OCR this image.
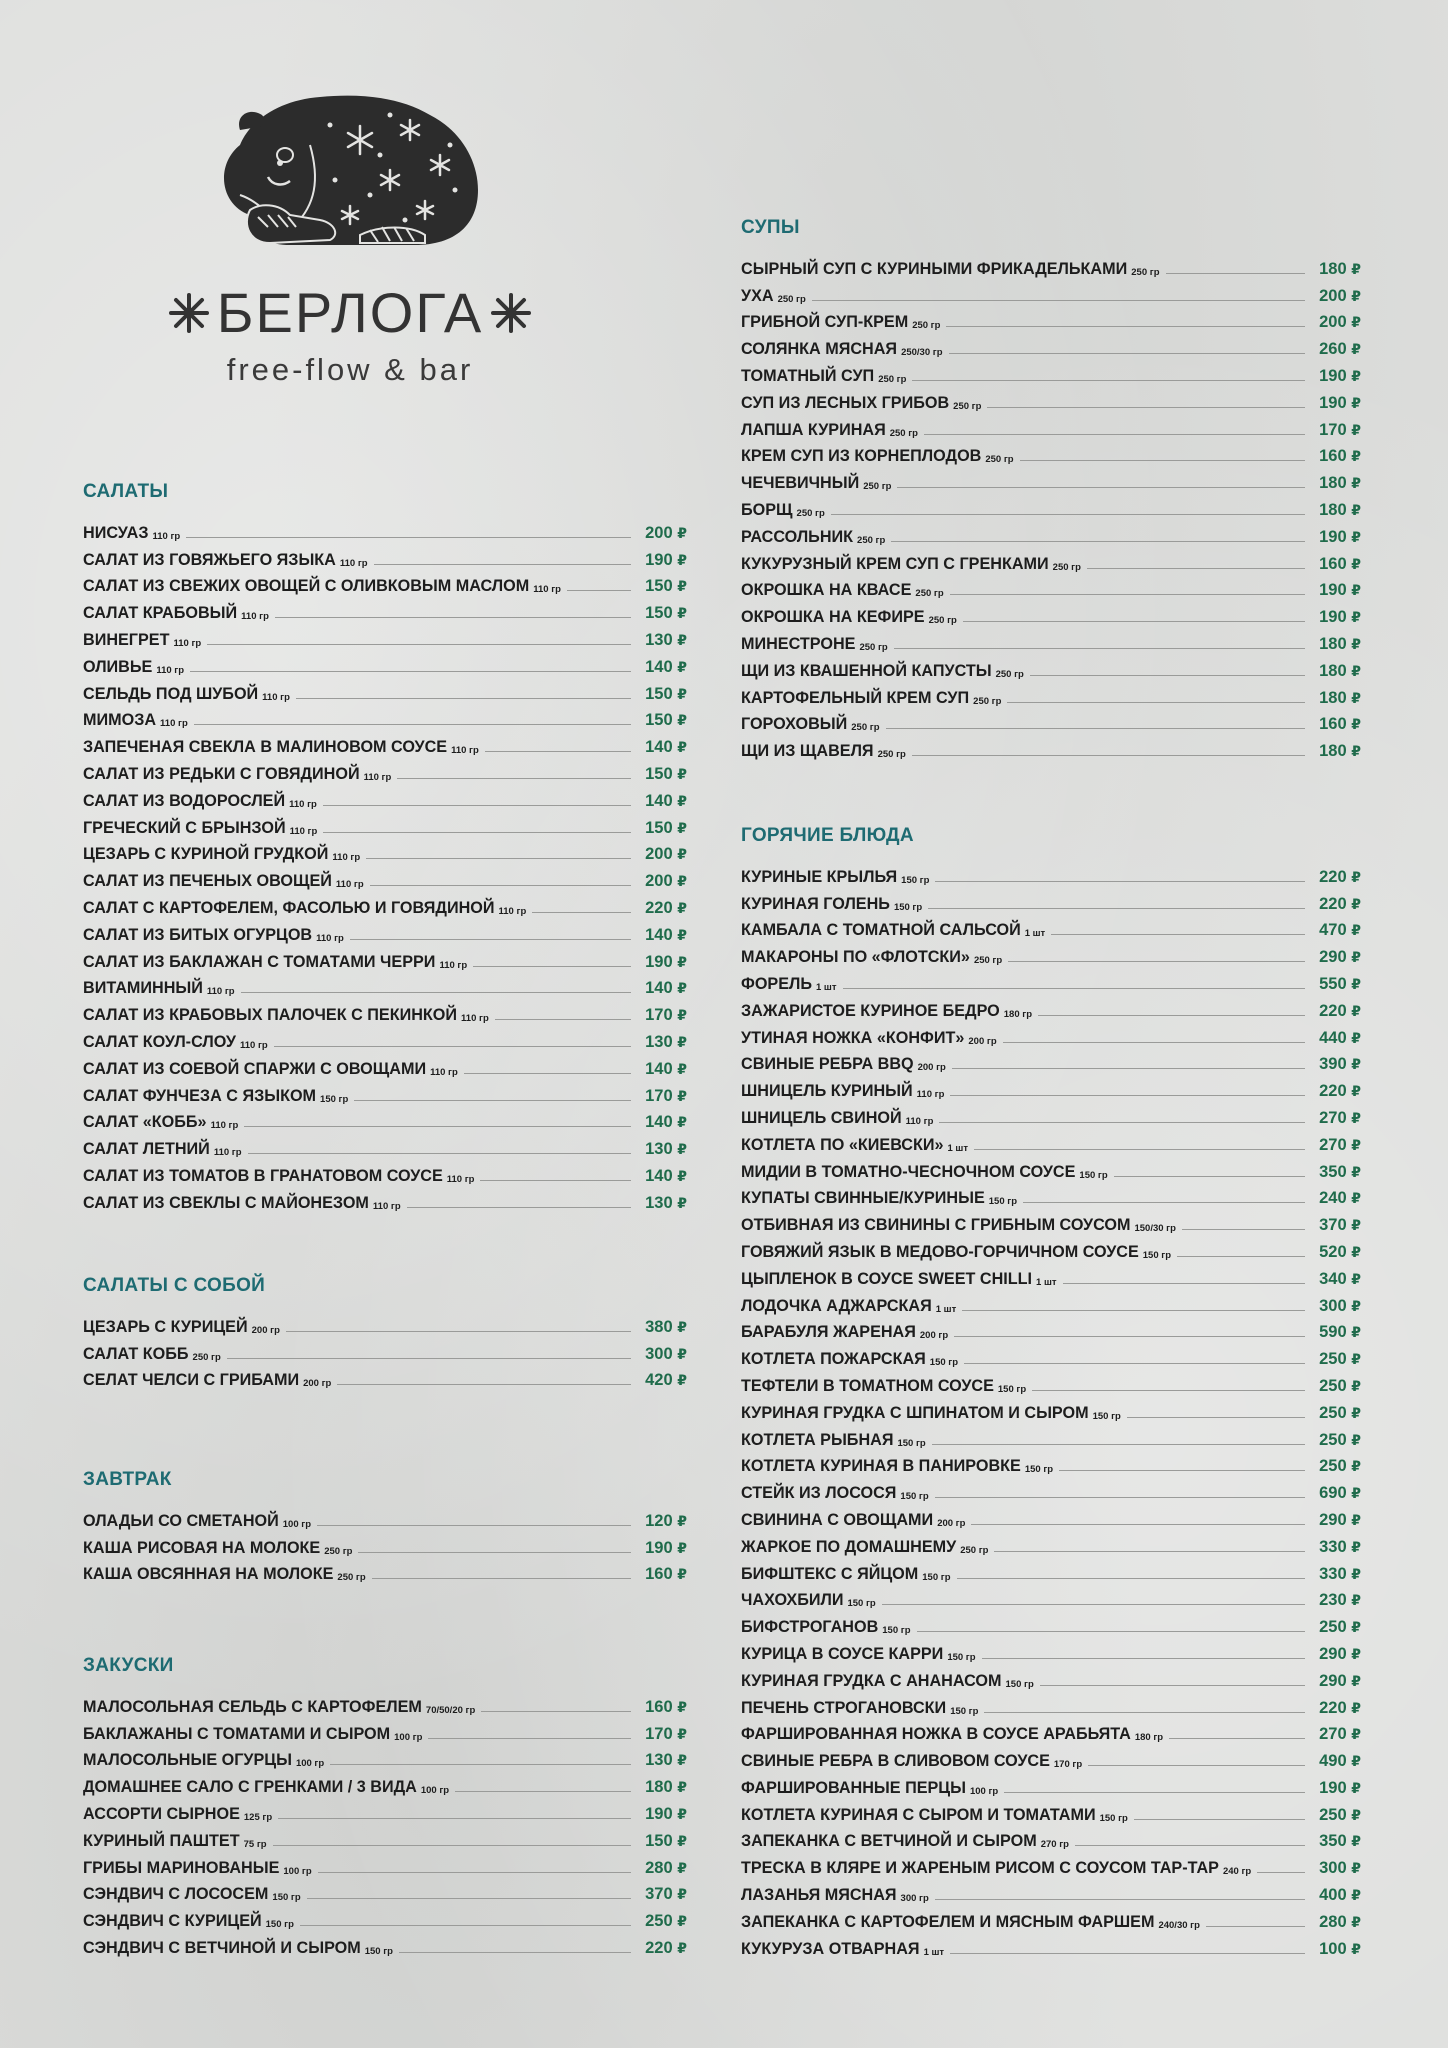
БЕРЛОГА
free-flow & bar
САЛАТЫ
НИСУАЗ 110 гр	200 ₽
САЛАТ ИЗ ГОВЯЖЬЕГО ЯЗЫКА 110 гр	190 ₽
САЛАТ ИЗ СВЕЖИХ ОВОЩЕЙ С ОЛИВКОВЫМ МАСЛОМ 110 гр	150 ₽
САЛАТ КРАБОВЫЙ 110 гр	150 ₽
ВИНЕГРЕТ 110 гр	130 ₽
ОЛИВЬЕ 110 гр	140 ₽
СЕЛЬДЬ ПОД ШУБОЙ 110 гр	150 ₽
МИМОЗА 110 гр	150 ₽
ЗАПЕЧЕНАЯ СВЕКЛА В МАЛИНОВОМ СОУСЕ 110 гр	140 ₽
САЛАТ ИЗ РЕДЬКИ С ГОВЯДИНОЙ 110 гр	150 ₽
САЛАТ ИЗ ВОДОРОСЛЕЙ 110 гр	140 ₽
ГРЕЧЕСКИЙ С БРЫНЗОЙ 110 гр	150 ₽
ЦЕЗАРЬ С КУРИНОЙ ГРУДКОЙ 110 гр	200 ₽
САЛАТ ИЗ ПЕЧЕНЫХ ОВОЩЕЙ 110 гр	200 ₽
САЛАТ С КАРТОФЕЛЕМ, ФАСОЛЬЮ И ГОВЯДИНОЙ 110 гр	220 ₽
САЛАТ ИЗ БИТЫХ ОГУРЦОВ 110 гр	140 ₽
САЛАТ ИЗ БАКЛАЖАН С ТОМАТАМИ ЧЕРРИ 110 гр	190 ₽
ВИТАМИННЫЙ 110 гр	140 ₽
САЛАТ ИЗ КРАБОВЫХ ПАЛОЧЕК С ПЕКИНКОЙ 110 гр	170 ₽
САЛАТ КОУЛ-СЛОУ 110 гр	130 ₽
САЛАТ ИЗ СОЕВОЙ СПАРЖИ С ОВОЩАМИ 110 гр	140 ₽
САЛАТ ФУНЧЕЗА С ЯЗЫКОМ 150 гр	170 ₽
САЛАТ «КОББ» 110 гр	140 ₽
САЛАТ ЛЕТНИЙ 110 гр	130 ₽
САЛАТ ИЗ ТОМАТОВ В ГРАНАТОВОМ СОУСЕ 110 гр	140 ₽
САЛАТ ИЗ СВЕКЛЫ С МАЙОНЕЗОМ 110 гр	130 ₽
САЛАТЫ С СОБОЙ
ЦЕЗАРЬ С КУРИЦЕЙ 200 гр	380 ₽
САЛАТ КОББ 250 гр	300 ₽
СЕЛАТ ЧЕЛСИ С ГРИБАМИ 200 гр	420 ₽
ЗАВТРАК
ОЛАДЬИ СО СМЕТАНОЙ 100 гр	120 ₽
КАША РИСОВАЯ НА МОЛОКЕ 250 гр	190 ₽
КАША ОВСЯННАЯ НА МОЛОКЕ 250 гр	160 ₽
ЗАКУСКИ
МАЛОСОЛЬНАЯ СЕЛЬДЬ С КАРТОФЕЛЕМ 70/50/20 гр	160 ₽
БАКЛАЖАНЫ С ТОМАТАМИ И СЫРОМ 100 гр	170 ₽
МАЛОСОЛЬНЫЕ ОГУРЦЫ 100 гр	130 ₽
ДОМАШНЕЕ САЛО С ГРЕНКАМИ / 3 ВИДА 100 гр	180 ₽
АССОРТИ СЫРНОЕ 125 гр	190 ₽
КУРИНЫЙ ПАШТЕТ 75 гр	150 ₽
ГРИБЫ МАРИНОВАНЫЕ 100 гр	280 ₽
СЭНДВИЧ С ЛОСОСЕМ 150 гр	370 ₽
СЭНДВИЧ С КУРИЦЕЙ 150 гр	250 ₽
СЭНДВИЧ С ВЕТЧИНОЙ И СЫРОМ 150 гр	220 ₽
СУПЫ
СЫРНЫЙ СУП С КУРИНЫМИ ФРИКАДЕЛЬКАМИ 250 гр	180 ₽
УХА 250 гр	200 ₽
ГРИБНОЙ СУП-КРЕМ 250 гр	200 ₽
СОЛЯНКА МЯСНАЯ 250/30 гр	260 ₽
ТОМАТНЫЙ СУП 250 гр	190 ₽
СУП ИЗ ЛЕСНЫХ ГРИБОВ 250 гр	190 ₽
ЛАПША КУРИНАЯ 250 гр	170 ₽
КРЕМ СУП ИЗ КОРНЕПЛОДОВ 250 гр	160 ₽
ЧЕЧЕВИЧНЫЙ 250 гр	180 ₽
БОРЩ 250 гр	180 ₽
РАССОЛЬНИК 250 гр	190 ₽
КУКУРУЗНЫЙ КРЕМ СУП С ГРЕНКАМИ 250 гр	160 ₽
ОКРОШКА НА КВАСЕ 250 гр	190 ₽
ОКРОШКА НА КЕФИРЕ 250 гр	190 ₽
МИНЕСТРОНЕ 250 гр	180 ₽
ЩИ ИЗ КВАШЕННОЙ КАПУСТЫ 250 гр	180 ₽
КАРТОФЕЛЬНЫЙ КРЕМ СУП 250 гр	180 ₽
ГОРОХОВЫЙ 250 гр	160 ₽
ЩИ ИЗ ЩАВЕЛЯ 250 гр	180 ₽
ГОРЯЧИЕ БЛЮДА
КУРИНЫЕ КРЫЛЬЯ 150 гр	220 ₽
КУРИНАЯ ГОЛЕНЬ 150 гр	220 ₽
КАМБАЛА С ТОМАТНОЙ САЛЬСОЙ 1 шт	470 ₽
МАКАРОНЫ ПО «ФЛОТСКИ» 250 гр	290 ₽
ФОРЕЛЬ 1 шт	550 ₽
ЗАЖАРИСТОЕ КУРИНОЕ БЕДРО 180 гр	220 ₽
УТИНАЯ НОЖКА «КОНФИТ» 200 гр	440 ₽
СВИНЫЕ РЕБРА BBQ 200 гр	390 ₽
ШНИЦЕЛЬ КУРИНЫЙ 110 гр	220 ₽
ШНИЦЕЛЬ СВИНОЙ 110 гр	270 ₽
КОТЛЕТА ПО «КИЕВСКИ» 1 шт	270 ₽
МИДИИ В ТОМАТНО-ЧЕСНОЧНОМ СОУСЕ 150 гр	350 ₽
КУПАТЫ СВИННЫЕ/КУРИНЫЕ 150 гр	240 ₽
ОТБИВНАЯ ИЗ СВИНИНЫ С ГРИБНЫМ СОУСОМ 150/30 гр	370 ₽
ГОВЯЖИЙ ЯЗЫК В МЕДОВО-ГОРЧИЧНОМ СОУСЕ 150 гр	520 ₽
ЦЫПЛЕНОК В СОУСЕ SWEET CHILLI 1 шт	340 ₽
ЛОДОЧКА АДЖАРСКАЯ 1 шт	300 ₽
БАРАБУЛЯ ЖАРЕНАЯ 200 гр	590 ₽
КОТЛЕТА ПОЖАРСКАЯ 150 гр	250 ₽
ТЕФТЕЛИ В ТОМАТНОМ СОУСЕ 150 гр	250 ₽
КУРИНАЯ ГРУДКА С ШПИНАТОМ И СЫРОМ 150 гр	250 ₽
КОТЛЕТА РЫБНАЯ 150 гр	250 ₽
КОТЛЕТА КУРИНАЯ В ПАНИРОВКЕ 150 гр	250 ₽
СТЕЙК ИЗ ЛОСОСЯ 150 гр	690 ₽
СВИНИНА С ОВОЩАМИ 200 гр	290 ₽
ЖАРКОЕ ПО ДОМАШНЕМУ 250 гр	330 ₽
БИФШТЕКС С ЯЙЦОМ 150 гр	330 ₽
ЧАХОХБИЛИ 150 гр	230 ₽
БИФСТРОГАНОВ 150 гр	250 ₽
КУРИЦА В СОУСЕ КАРРИ 150 гр	290 ₽
КУРИНАЯ ГРУДКА С АНАНАСОМ 150 гр	290 ₽
ПЕЧЕНЬ СТРОГАНОВСКИ 150 гр	220 ₽
ФАРШИРОВАННАЯ НОЖКА В СОУСЕ АРАБЬЯТА 180 гр	270 ₽
СВИНЫЕ РЕБРА В СЛИВОВОМ СОУСЕ 170 гр	490 ₽
ФАРШИРОВАННЫЕ ПЕРЦЫ 100 гр	190 ₽
КОТЛЕТА КУРИНАЯ С СЫРОМ И ТОМАТАМИ 150 гр	250 ₽
ЗАПЕКАНКА С ВЕТЧИНОЙ И СЫРОМ 270 гр	350 ₽
ТРЕСКА В КЛЯРЕ И ЖАРЕНЫМ РИСОМ С СОУСОМ ТАР-ТАР 240 гр	300 ₽
ЛАЗАНЬЯ МЯСНАЯ 300 гр	400 ₽
ЗАПЕКАНКА С КАРТОФЕЛЕМ И МЯСНЫМ ФАРШЕМ 240/30 гр	280 ₽
КУКУРУЗА ОТВАРНАЯ 1 шт	100 ₽
